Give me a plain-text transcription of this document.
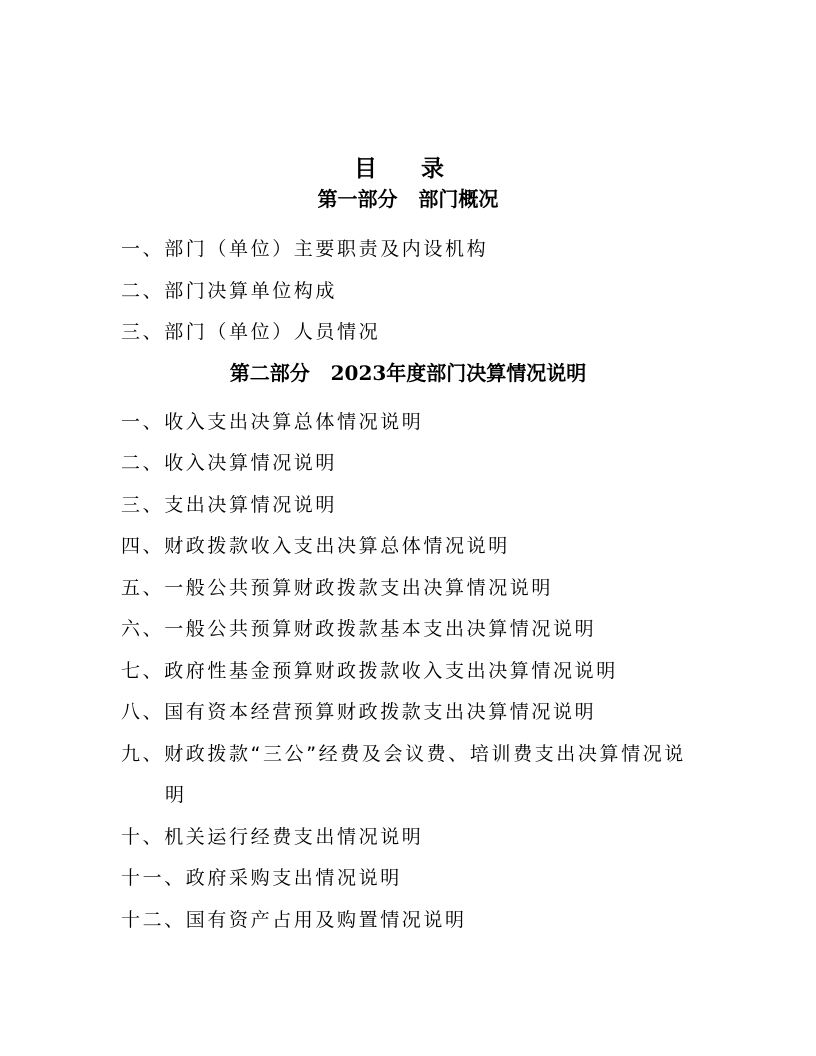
目 录
第一部分   部门概况
一、部门（单位）主要职责及内设机构
二、部门决算单位构成
三、部门（单位）人员情况
第二部分   2023年度部门决算情况说明
一、收入支出决算总体情况说明
二、收入决算情况说明
三、支出决算情况说明
四、财政拨款收入支出决算总体情况说明
五、一般公共预算财政拨款支出决算情况说明
六、一般公共预算财政拨款基本支出决算情况说明
七、政府性基金预算财政拨款收入支出决算情况说明
八、国有资本经营预算财政拨款支出决算情况说明
九、财政拨款“三公”经费及会议费、培训费支出决算情况说
明
十、机关运行经费支出情况说明
十一、政府采购支出情况说明
十二、国有资产占用及购置情况说明
